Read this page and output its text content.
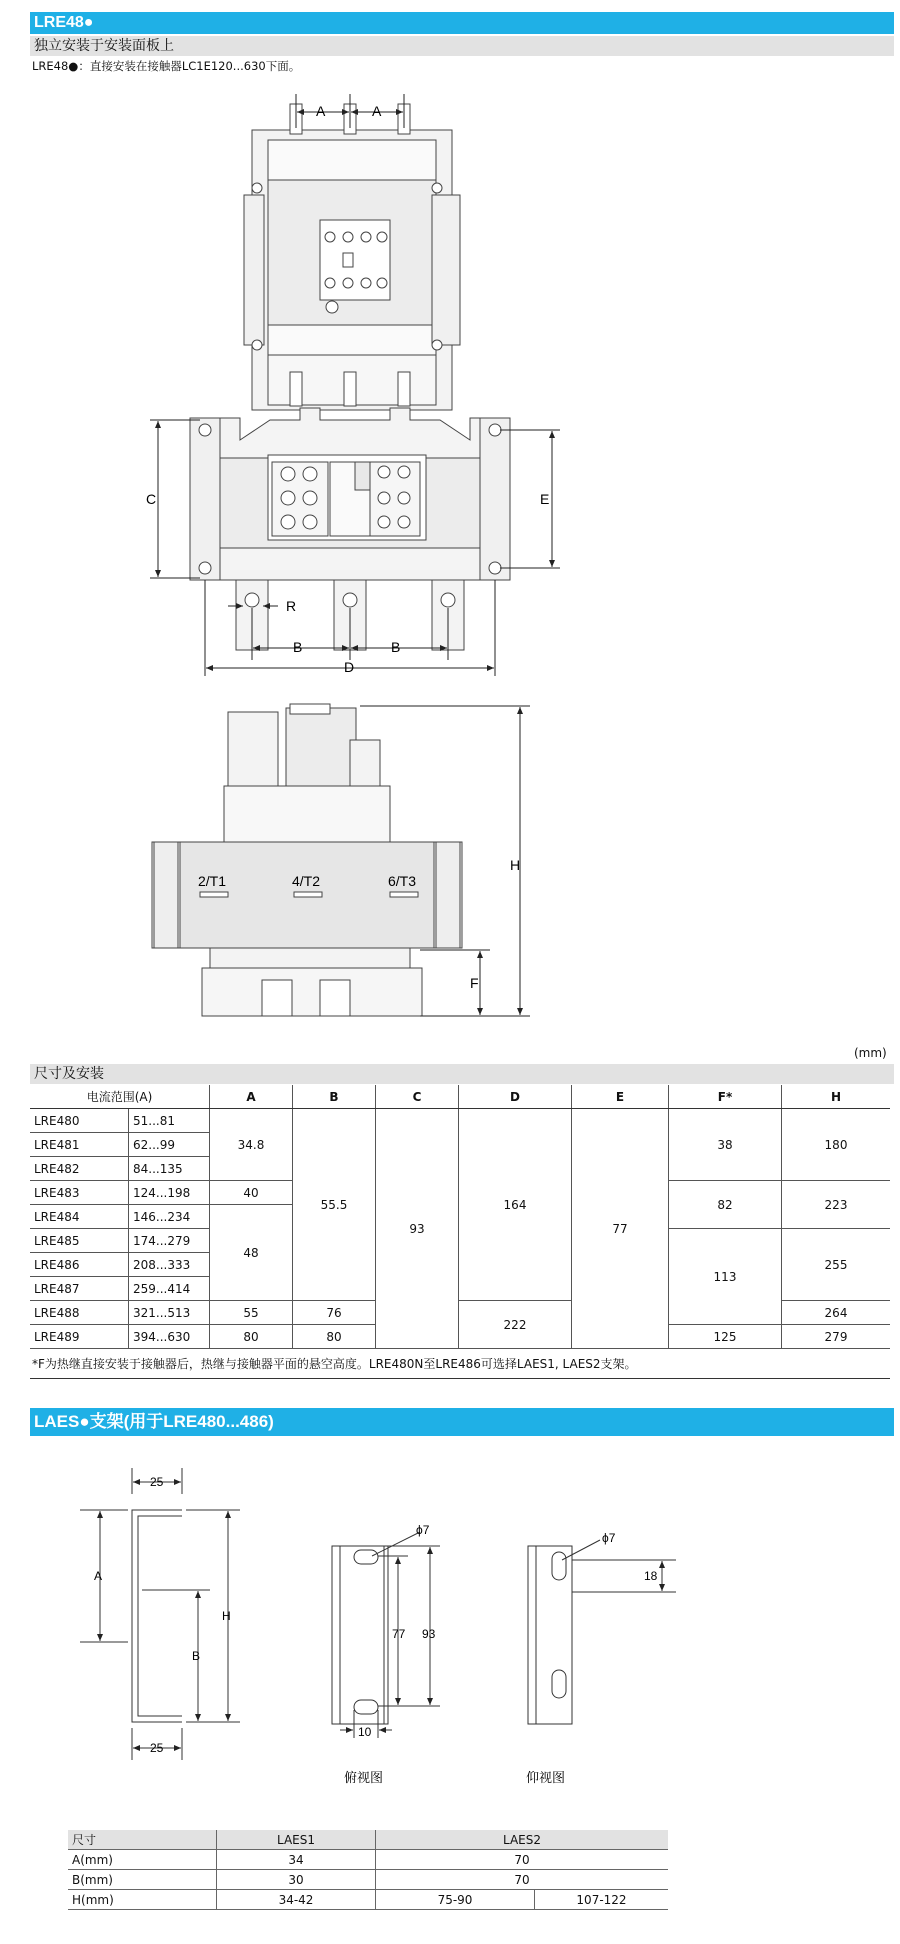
LRE48●
独立安装于安装面板上
LRE48●：直接安装在接触器LC1E120...630下面。
A	A
C	E
R
B	B
D
2/T1	4/T2	6/T3
H
F
25
25
A
B
H
ϕ7
77 93
10
俯视图
ϕ7
18
仰视图
(mm)
尺寸及安装
电流范围(A)		A	B	C	D	E	F*	H
LRE480	51...81	34.8	55.5	93	164	77	38	180
LRE481	62...99							
LRE482	84...135							
LRE483	124...198	40					82	223
LRE484	146...234	48						
LRE485	174...279						113	255
LRE486	208...333							
LRE487	259...414							
LRE488	321...513	55	76		222			264
LRE489	394...630	80	80				125	279
*F为热继直接安装于接触器后，热继与接触器平面的悬空高度。LRE480N至LRE486可选择LAES1, LAES2支架。
LAES●支架(用于LRE480...486)
尺寸	LAES1	LAES2	
A(mm)	34	70	
B(mm)	30	70	
H(mm)	34-42	75-90	107-122
